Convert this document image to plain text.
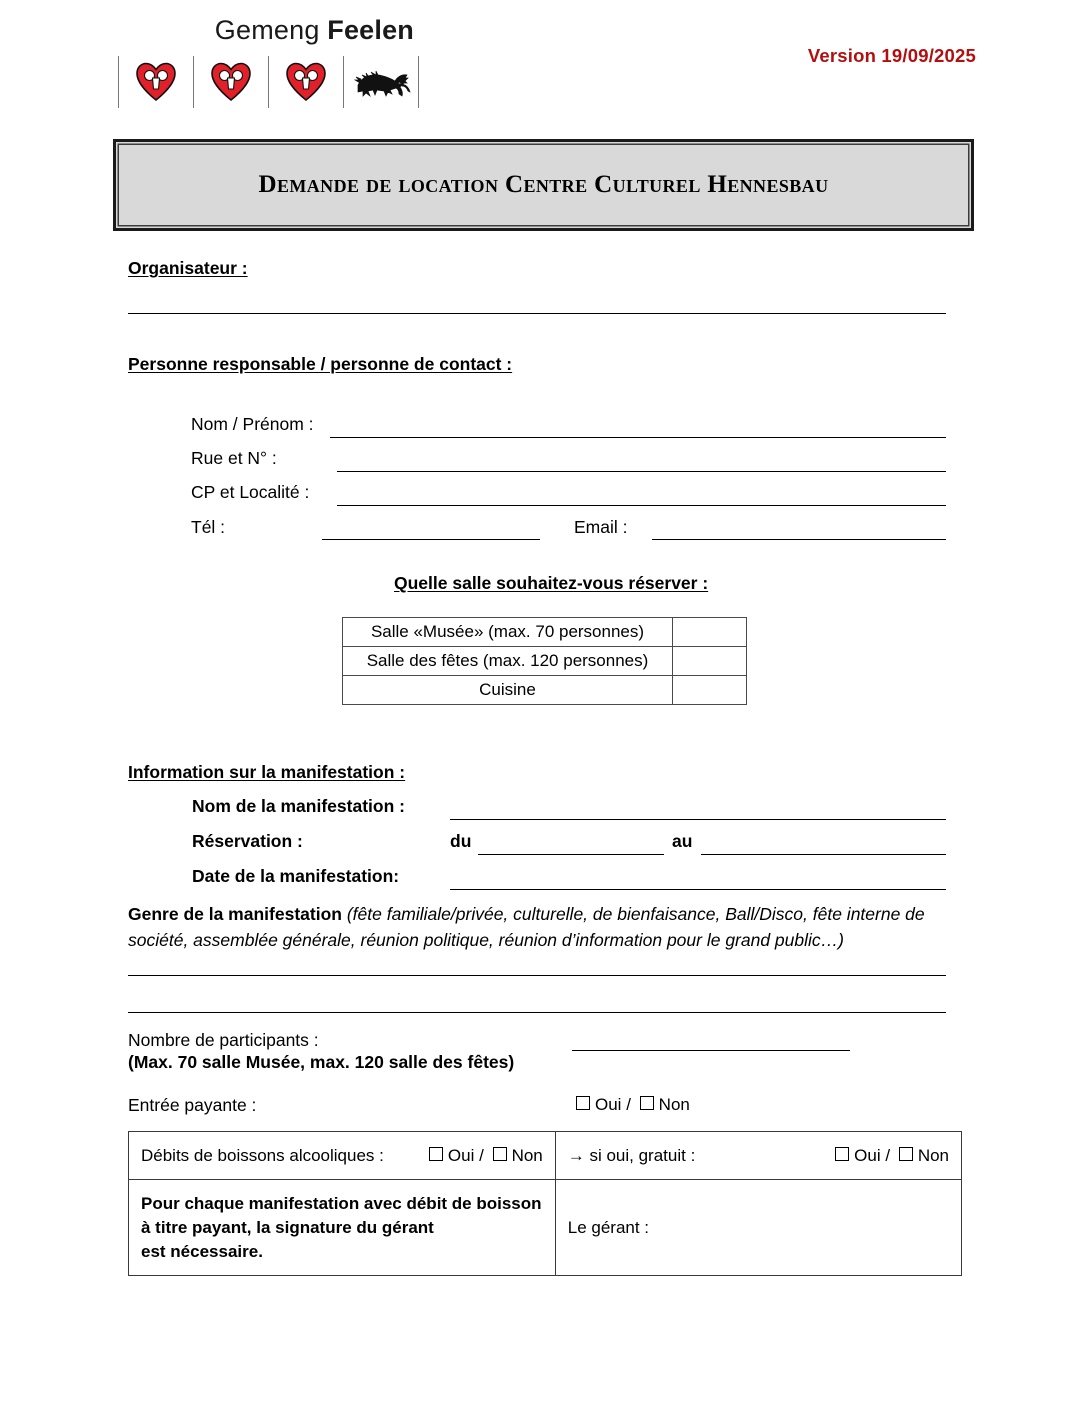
Gemeng Feelen
Version 19/09/2025
Demande de location Centre Culturel Hennesbau
Organisateur :
Personne responsable / personne de contact :
Nom / Prénom :
Rue et N° :
CP et Localité :
Tél :	Email :
Quelle salle souhaitez-vous réserver :
Salle «Musée» (max. 70 personnes)	
Salle des fêtes (max. 120 personnes)	
Cuisine	
Information sur la manifestation :
Nom de la manifestation :
Réservation :	du	au
Date de la manifestation:
Genre de la manifestation (fête familiale/privée, culturelle, de bienfaisance, Ball/Disco, fête interne de société, assemblée générale, réunion politique, réunion d’information pour le grand public…)
Nombre de participants :
(Max. 70 salle Musée, max. 120 salle des fêtes)
Entrée payante :	Oui / Non
Débits de boissons alcooliques : Oui / Non	→ si oui, gratuit : Oui / Non

Pour chaque manifestation avec débit de boisson
à titre payant, la signature du gérant
est nécessaire.	Le gérant :
